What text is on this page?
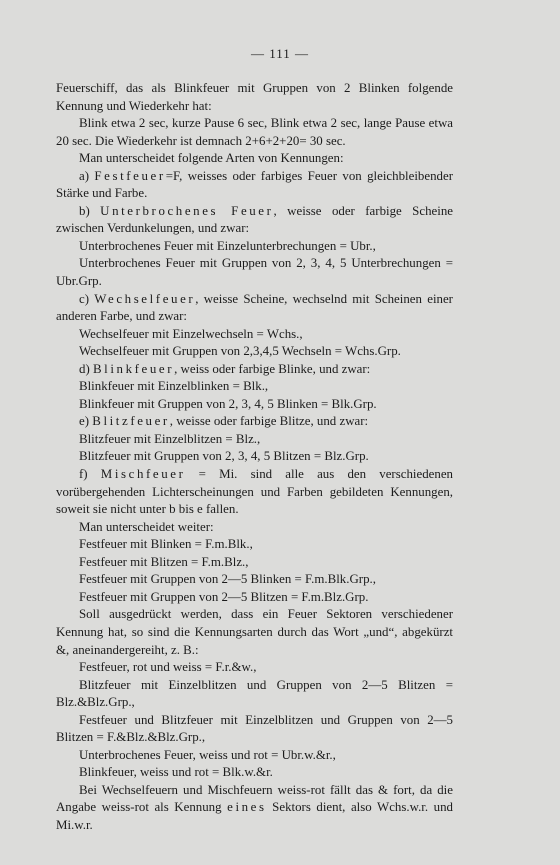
— 111 —

Feuerschiff, das als Blinkfeuer mit Gruppen von 2 Blinken folgende Kennung und Wiederkehr hat:

Blink etwa 2 sec, kurze Pause 6 sec, Blink etwa 2 sec, lange Pause etwa 20 sec. Die Wiederkehr ist demnach 2+6+2+20= 30 sec.

Man unterscheidet folgende Arten von Kennungen:

a) Festfeuer=F, weisses oder farbiges Feuer von gleichbleibender Stärke und Farbe.

b) Unterbrochenes Feuer, weisse oder farbige Scheine zwischen Verdunkelungen, und zwar:

Unterbrochenes Feuer mit Einzelunterbrechungen = Ubr.,

Unterbrochenes Feuer mit Gruppen von 2, 3, 4, 5 Unterbrechungen = Ubr.Grp.

c) Wechselfeuer, weisse Scheine, wechselnd mit Scheinen einer anderen Farbe, und zwar:

Wechselfeuer mit Einzelwechseln = Wchs.,

Wechselfeuer mit Gruppen von 2,3,4,5 Wechseln = Wchs.Grp.

d) Blinkfeuer, weiss oder farbige Blinke, und zwar:

Blinkfeuer mit Einzelblinken = Blk.,

Blinkfeuer mit Gruppen von 2, 3, 4, 5 Blinken = Blk.Grp.

e) Blitzfeuer, weisse oder farbige Blitze, und zwar:

Blitzfeuer mit Einzelblitzen = Blz.,

Blitzfeuer mit Gruppen von 2, 3, 4, 5 Blitzen = Blz.Grp.

f) Mischfeuer = Mi. sind alle aus den verschiedenen vorübergehenden Lichterscheinungen und Farben gebildeten Kennungen, soweit sie nicht unter b bis e fallen.

Man unterscheidet weiter:

Festfeuer mit Blinken = F.m.Blk.,

Festfeuer mit Blitzen = F.m.Blz.,

Festfeuer mit Gruppen von 2—5 Blinken = F.m.Blk.Grp.,

Festfeuer mit Gruppen von 2—5 Blitzen = F.m.Blz.Grp.

Soll ausgedrückt werden, dass ein Feuer Sektoren verschiedener Kennung hat, so sind die Kennungsarten durch das Wort „und“, abgekürzt &, aneinandergereiht, z. B.:

Festfeuer, rot und weiss = F.r.&w.,

Blitzfeuer mit Einzelblitzen und Gruppen von 2—5 Blitzen = Blz.&Blz.Grp.,

Festfeuer und Blitzfeuer mit Einzelblitzen und Gruppen von 2—5 Blitzen = F.&Blz.&Blz.Grp.,

Unterbrochenes Feuer, weiss und rot = Ubr.w.&r.,

Blinkfeuer, weiss und rot = Blk.w.&r.

Bei Wechselfeuern und Mischfeuern weiss-rot fällt das & fort, da die Angabe weiss-rot als Kennung eines Sektors dient, also Wchs.w.r. und Mi.w.r.
